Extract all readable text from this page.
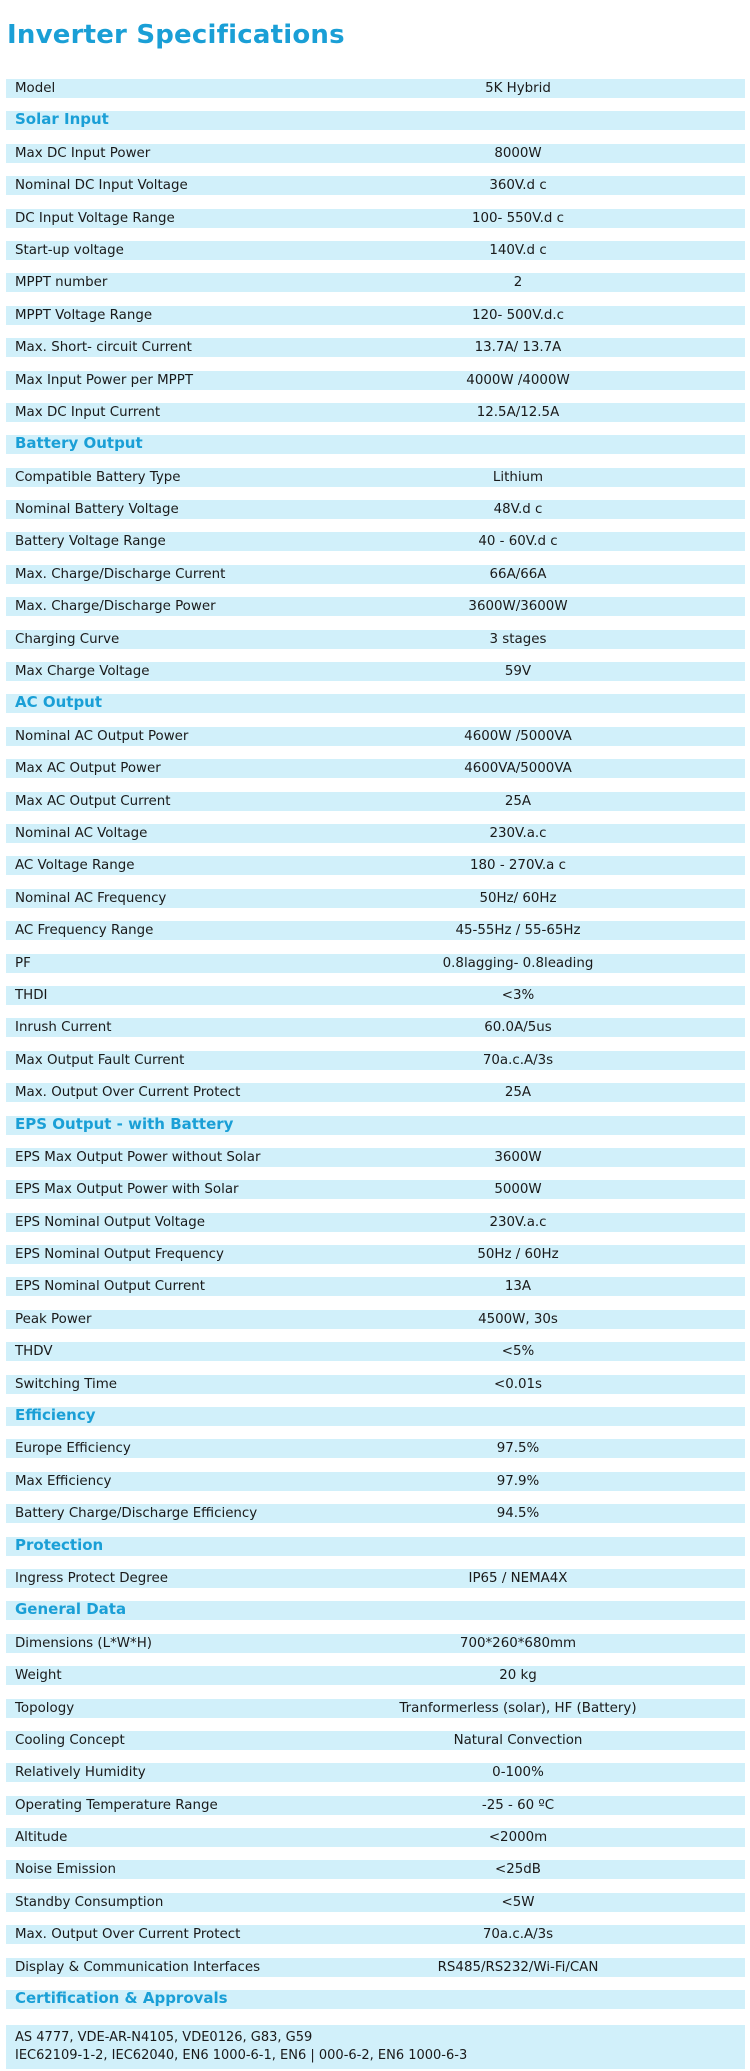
Inverter Specifications
Model	5K Hybrid
Solar Input
Max DC Input Power	8000W
Nominal DC Input Voltage	360V.d c
DC Input Voltage Range	100- 550V.d c
Start-up voltage	140V.d c
MPPT number	2
MPPT Voltage Range	120- 500V.d.c
Max. Short- circuit Current	13.7A/ 13.7A
Max Input Power per MPPT	4000W /4000W
Max DC Input Current	12.5A/12.5A
Battery Output
Compatible Battery Type	Lithium
Nominal Battery Voltage	48V.d c
Battery Voltage Range	40 - 60V.d c
Max. Charge/Discharge Current	66A/66A
Max. Charge/Discharge Power	3600W/3600W
Charging Curve	3 stages
Max Charge Voltage	59V
AC Output
Nominal AC Output Power	4600W /5000VA
Max AC Output Power	4600VA/5000VA
Max AC Output Current	25A
Nominal AC Voltage	230V.a.c
AC Voltage Range	180 - 270V.a c
Nominal AC Frequency	50Hz/ 60Hz
AC Frequency Range	45-55Hz / 55-65Hz
PF	0.8lagging- 0.8leading
THDI	<3%
Inrush Current	60.0A/5us
Max Output Fault Current	70a.c.A/3s
Max. Output Over Current Protect	25A
EPS Output - with Battery
EPS Max Output Power without Solar	3600W
EPS Max Output Power with Solar	5000W
EPS Nominal Output Voltage	230V.a.c
EPS Nominal Output Frequency	50Hz / 60Hz
EPS Nominal Output Current	13A
Peak Power	4500W, 30s
THDV	<5%
Switching Time	<0.01s
Efficiency
Europe Efficiency	97.5%
Max Efficiency	97.9%
Battery Charge/Discharge Efficiency	94.5%
Protection
Ingress Protect Degree	IP65 / NEMA4X
General Data
Dimensions (L*W*H)	700*260*680mm
Weight	20 kg
Topology	Tranformerless (solar), HF (Battery)
Cooling Concept	Natural Convection
Relatively Humidity	0-100%
Operating Temperature Range	-25 - 60 ºC
Altitude	<2000m
Noise Emission	<25dB
Standby Consumption	<5W
Max. Output Over Current Protect	70a.c.A/3s
Display & Communication Interfaces	RS485/RS232/Wi-Fi/CAN
Certification & Approvals
AS 4777, VDE-AR-N4105, VDE0126, G83, G59
IEC62109-1-2, IEC62040, EN6 1000-6-1, EN6 | 000-6-2, EN6 1000-6-3
